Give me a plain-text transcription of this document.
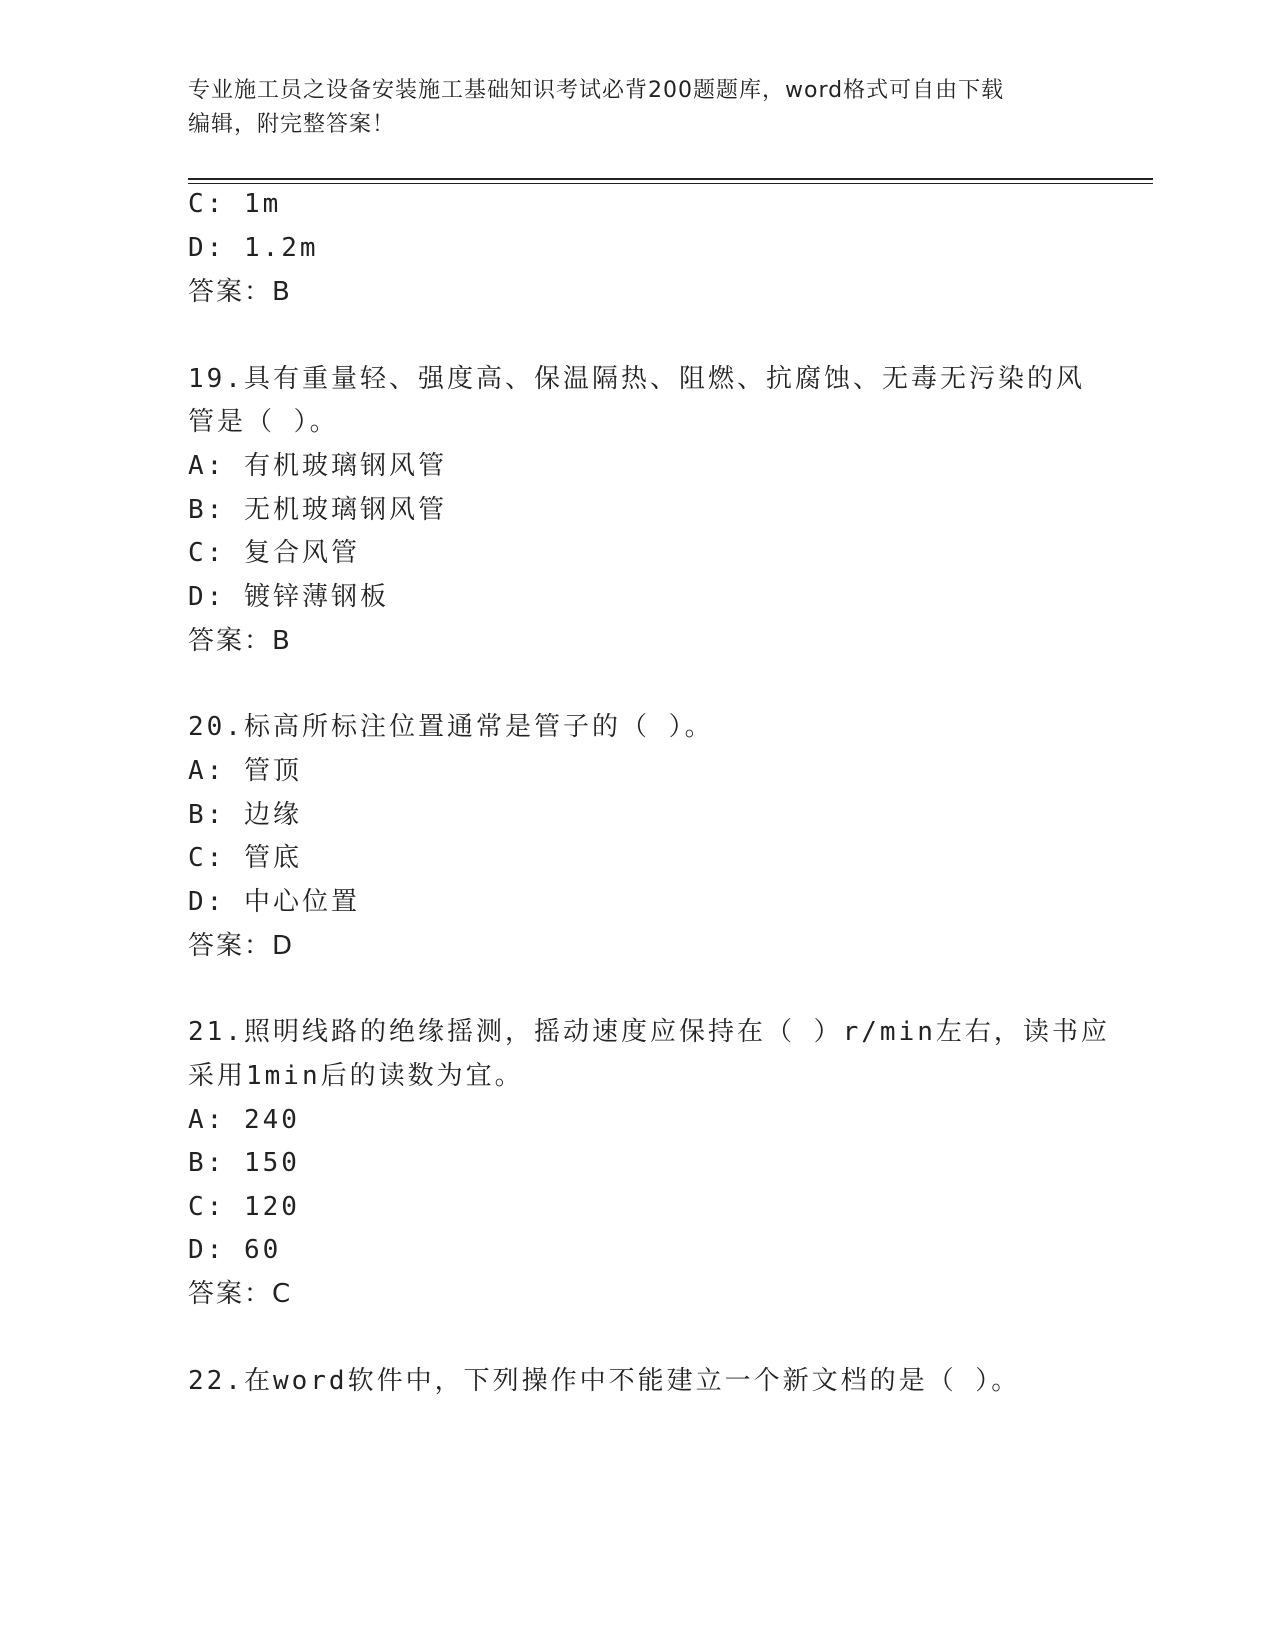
专业施工员之设备安装施工基础知识考试必背200题题库，word格式可自由下载
编辑，附完整答案！
C: 1m
D: 1.2m
答案：B
19.具有重量轻、强度高、保温隔热、阻燃、抗腐蚀、无毒无污染的风
管是（ ）。
A: 有机玻璃钢风管
B: 无机玻璃钢风管
C: 复合风管
D: 镀锌薄钢板
答案：B
20.标高所标注位置通常是管子的（ ）。
A: 管顶
B: 边缘
C: 管底
D: 中心位置
答案：D
21.照明线路的绝缘摇测，摇动速度应保持在（ ）r/min左右，读书应
采用1min后的读数为宜。
A: 240
B: 150
C: 120
D: 60
答案：C
22.在word软件中，下列操作中不能建立一个新文档的是（ ）。
